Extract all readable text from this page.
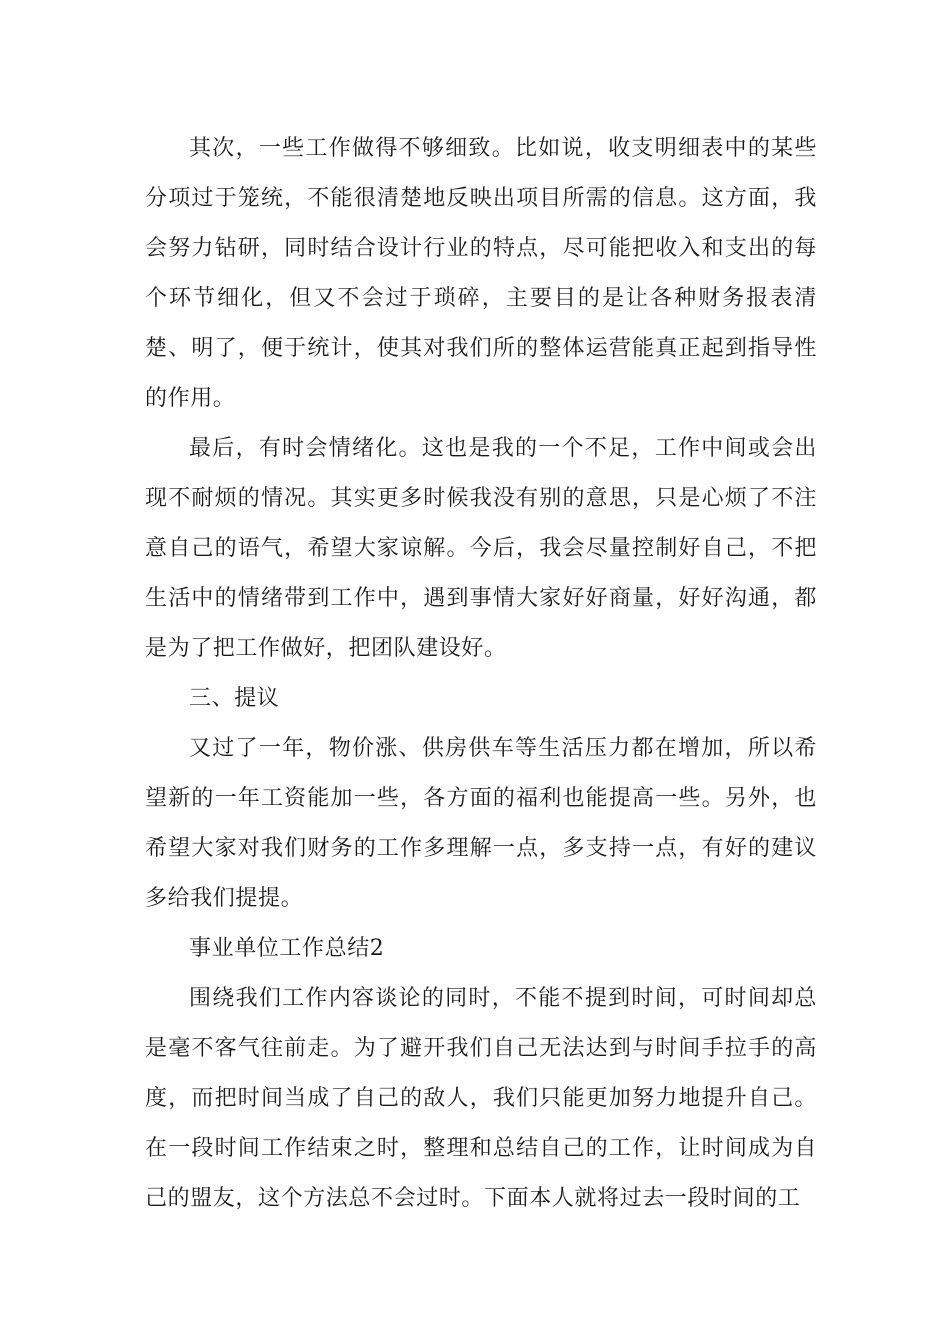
其次，一些工作做得不够细致。比如说，收支明细表中的某些分项过于笼统，不能很清楚地反映出项目所需的信息。这方面，我会努力钻研，同时结合设计行业的特点，尽可能把收入和支出的每个环节细化，但又不会过于琐碎，主要目的是让各种财务报表清楚、明了，便于统计，使其对我们所的整体运营能真正起到指导性的作用。

最后，有时会情绪化。这也是我的一个不足，工作中间或会出现不耐烦的情况。其实更多时候我没有别的意思，只是心烦了不注意自己的语气，希望大家谅解。今后，我会尽量控制好自己，不把生活中的情绪带到工作中，遇到事情大家好好商量，好好沟通，都是为了把工作做好，把团队建设好。

三、提议

又过了一年，物价涨、供房供车等生活压力都在增加，所以希望新的一年工资能加一些，各方面的福利也能提高一些。另外，也希望大家对我们财务的工作多理解一点，多支持一点，有好的建议多给我们提提。

事业单位工作总结2

围绕我们工作内容谈论的同时，不能不提到时间，可时间却总是毫不客气往前走。为了避开我们自己无法达到与时间手拉手的高度，而把时间当成了自己的敌人，我们只能更加努力地提升自己。在一段时间工作结束之时，整理和总结自己的工作，让时间成为自己的盟友，这个方法总不会过时。下面本人就将过去一段时间的工
